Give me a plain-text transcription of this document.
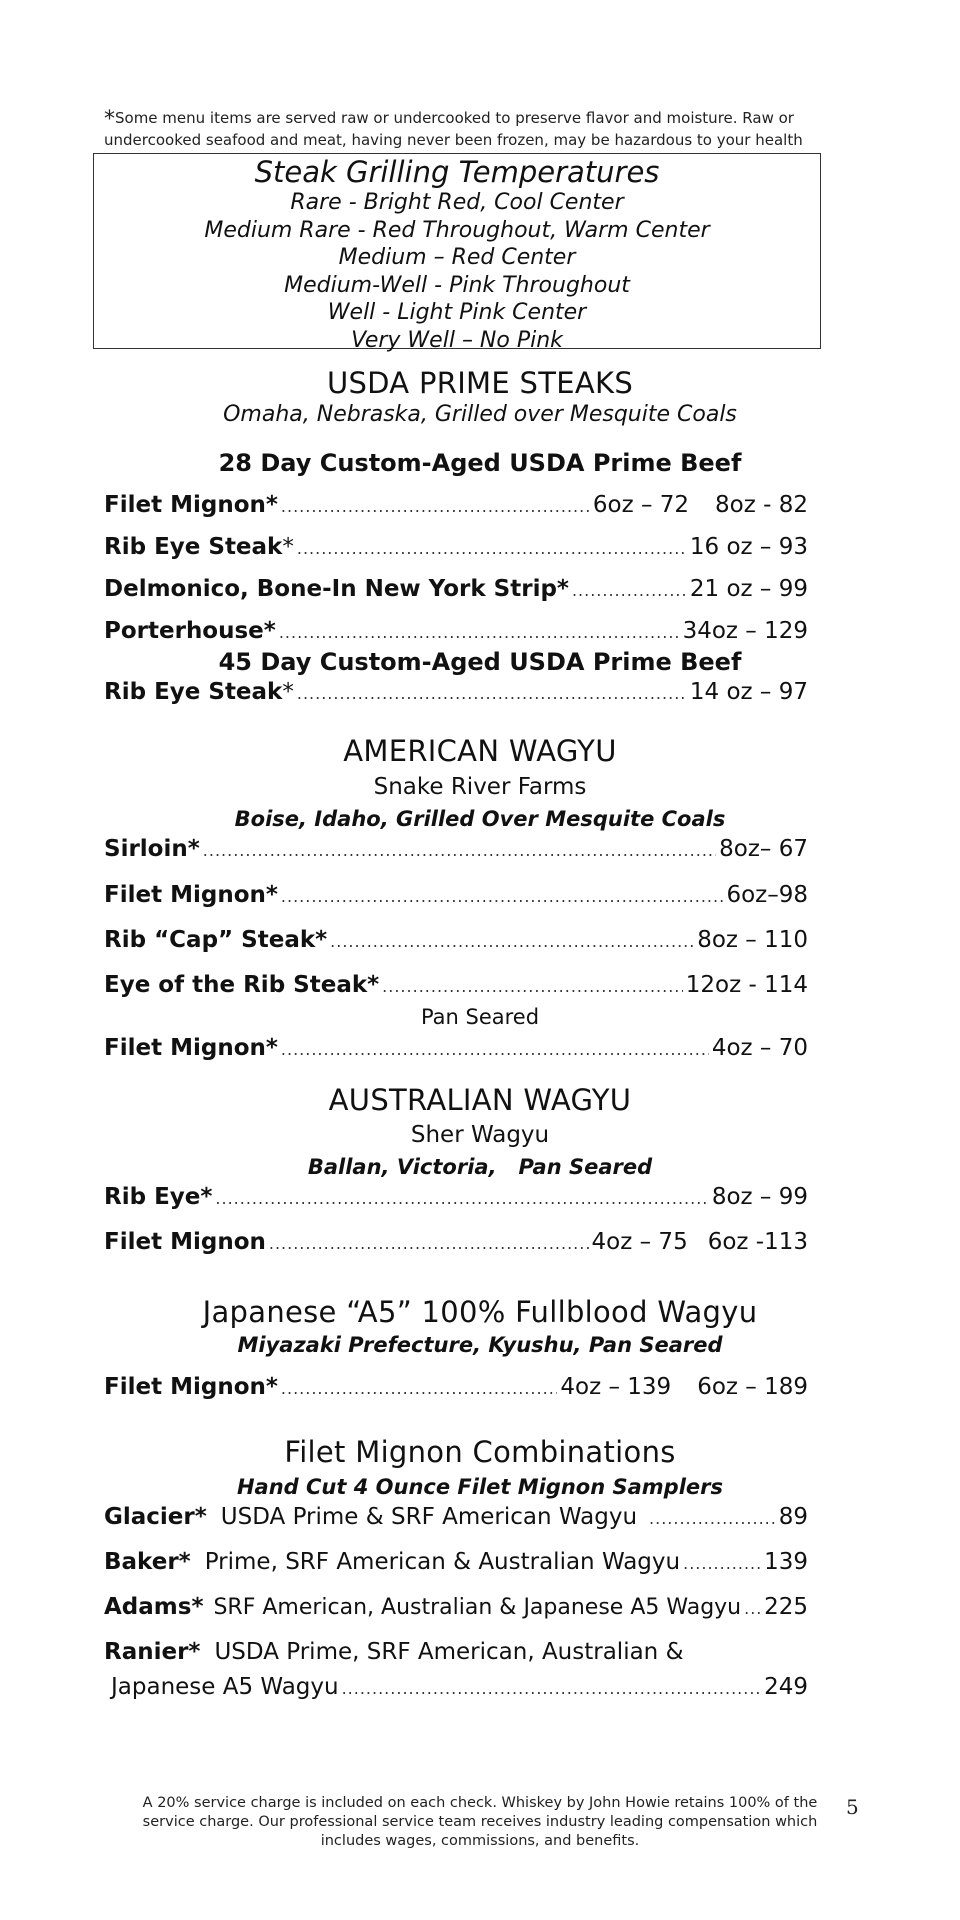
*Some menu items are served raw or undercooked to preserve flavor and moisture. Raw or undercooked seafood and meat, having never been frozen, may be hazardous to your health
Steak Grilling Temperatures
Rare - Bright Red, Cool Center
Medium Rare - Red Throughout, Warm Center
Medium – Red Center
Medium-Well - Pink Throughout
Well - Light Pink Center
Very Well – No Pink
USDA PRIME STEAKS
Omaha, Nebraska, Grilled over Mesquite Coals
28 Day Custom-Aged USDA Prime Beef
Filet Mignon* .....	6oz – 72 8oz - 82
Rib Eye Steak * .....	16 oz – 93
Delmonico, Bone-In New York Strip* .....	21 oz – 99
Porterhouse* .....	34oz – 129
45 Day Custom-Aged USDA Prime Beef
Rib Eye Steak * .....	14 oz – 97
AMERICAN WAGYU
Snake River Farms
Boise, Idaho, Grilled Over Mesquite Coals
Sirloin* .....	8oz– 67
Filet Mignon* .....	6oz–98
Rib “Cap” Steak* .....	8oz – 110
Eye of the Rib Steak* .....	12oz - 114
Pan Seared
Filet Mignon* .....	4oz – 70
AUSTRALIAN WAGYU
Sher Wagyu
Ballan, Victoria,   Pan Seared
Rib Eye* .....	8oz – 99
Filet Mignon .....	4oz – 75 6oz -113
Japanese “A5” 100% Fullblood Wagyu
Miyazaki Prefecture, Kyushu, Pan Seared
Filet Mignon* .....	4oz – 139 6oz – 189
Filet Mignon Combinations
Hand Cut 4 Ounce Filet Mignon Samplers
Glacier* USDA Prime & SRF American Wagyu .....	89
Baker* Prime, SRF American & Australian Wagyu .....	139
Adams* SRF American, Australian & Japanese A5 Wagyu ..... 225
Ranier* USDA Prime, SRF American, Australian &
Japanese A5 Wagyu .....	249
A 20% service charge is included on each check. Whiskey by John Howie retains 100% of the service charge. Our professional service team receives industry leading compensation which includes wages, commissions, and benefits.
5
